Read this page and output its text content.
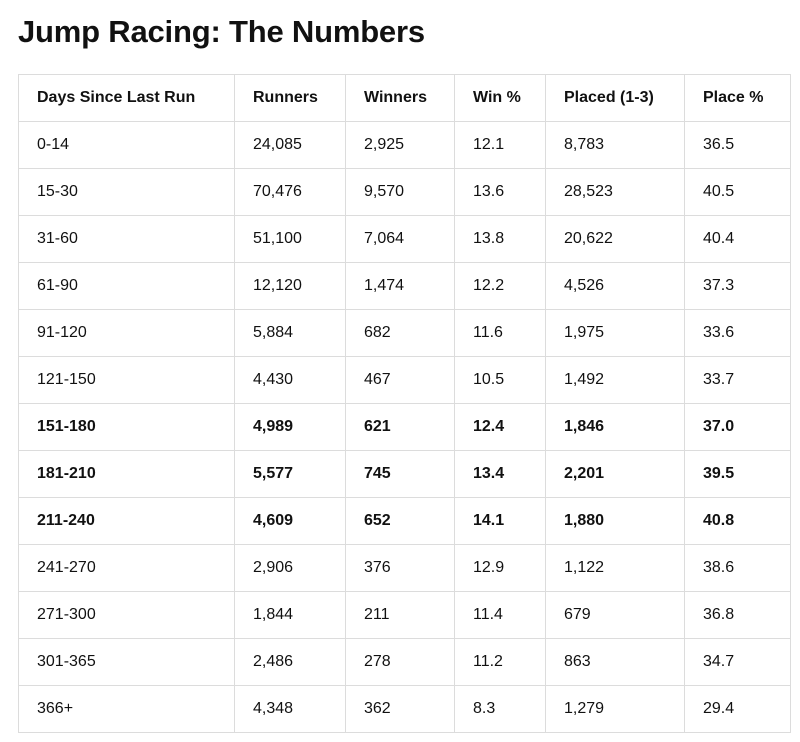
Jump Racing: The Numbers
Days Since Last Run	Runners	Winners	Win %	Placed (1-3)	Place %
0-14	24,085	2,925	12.1	8,783	36.5
15-30	70,476	9,570	13.6	28,523	40.5
31-60	51,100	7,064	13.8	20,622	40.4
61-90	12,120	1,474	12.2	4,526	37.3
91-120	5,884	682	11.6	1,975	33.6
121-150	4,430	467	10.5	1,492	33.7
151-180	4,989	621	12.4	1,846	37.0
181-210	5,577	745	13.4	2,201	39.5
211-240	4,609	652	14.1	1,880	40.8
241-270	2,906	376	12.9	1,122	38.6
271-300	1,844	211	11.4	679	36.8
301-365	2,486	278	11.2	863	34.7
366+	4,348	362	8.3	1,279	29.4
